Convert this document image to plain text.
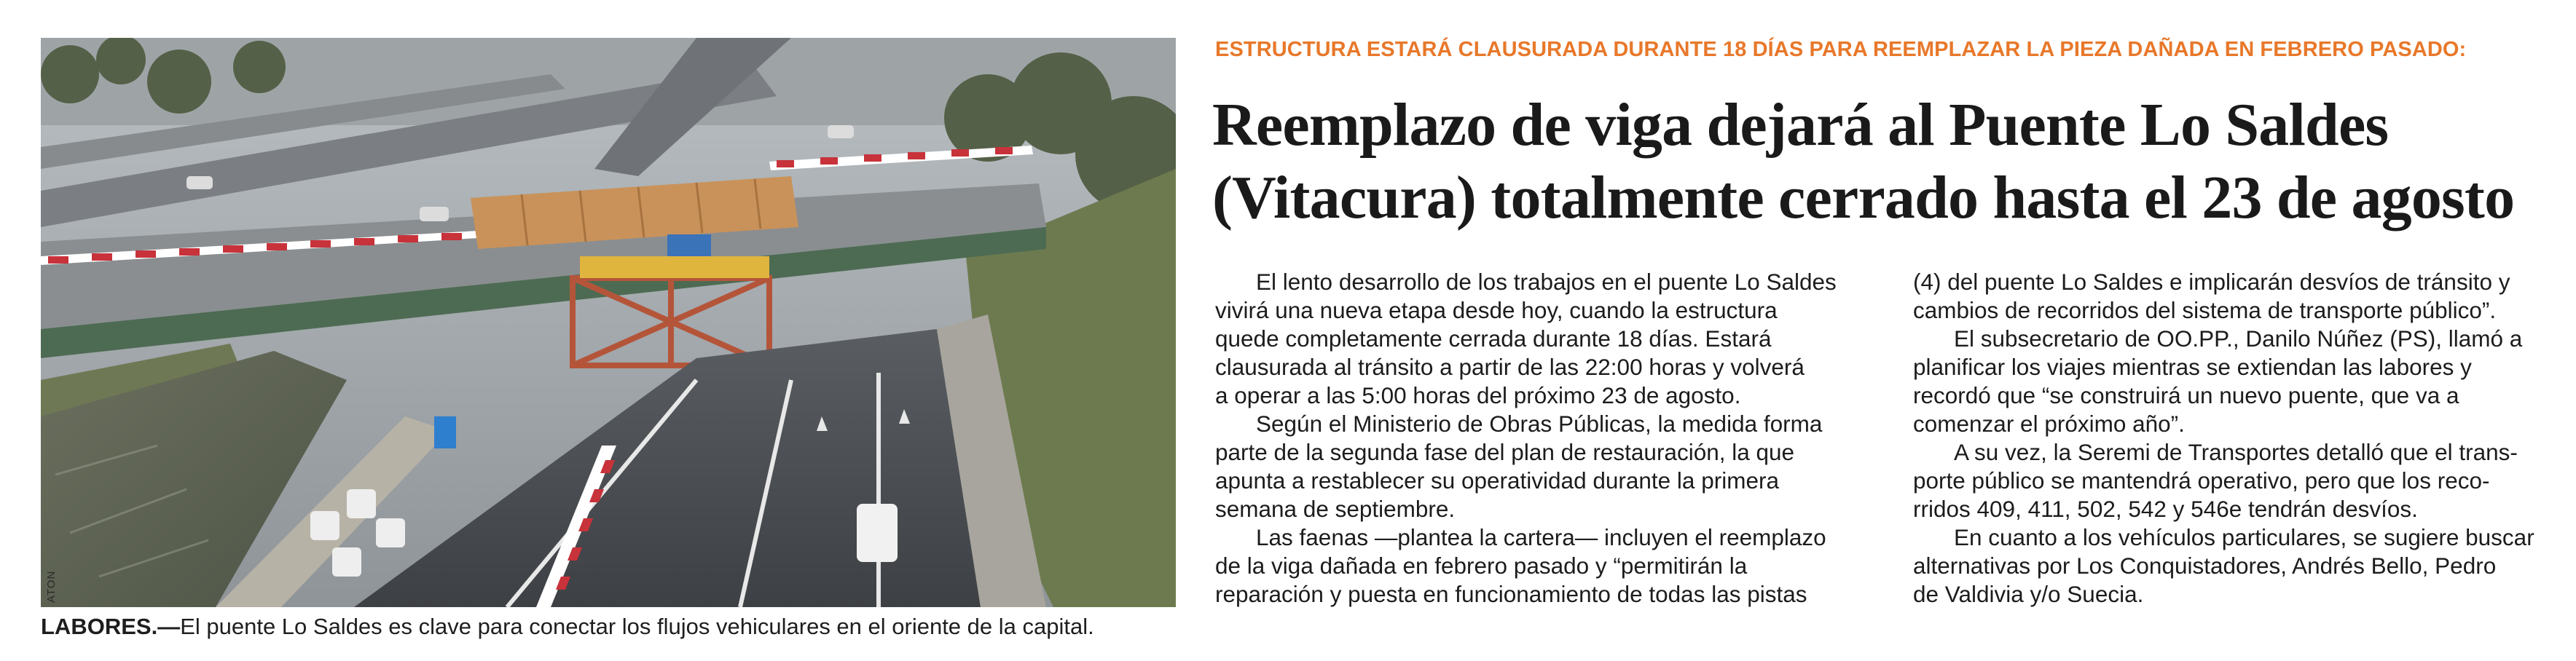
ESTRUCTURA ESTARÁ CLAUSURADA DURANTE 18 DÍAS PARA REEMPLAZAR LA PIEZA DAÑADA EN FEBRERO PASADO:
Reemplazo de viga dejará al Puente Lo Saldes
(Vitacura) totalmente cerrado hasta el 23 de agosto
ATON
LABORES.—El puente Lo Saldes es clave para conectar los flujos vehiculares en el oriente de la capital.
El lento desarrollo de los trabajos en el puente Lo Saldes
vivirá una nueva etapa desde hoy, cuando la estructura
quede completamente cerrada durante 18 días. Estará
clausurada al tránsito a partir de las 22:00 horas y volverá
a operar a las 5:00 horas del próximo 23 de agosto.
Según el Ministerio de Obras Públicas, la medida forma
parte de la segunda fase del plan de restauración, la que
apunta a restablecer su operatividad durante la primera
semana de septiembre.
Las faenas —plantea la cartera— incluyen el reemplazo
de la viga dañada en febrero pasado y “permitirán la
reparación y puesta en funcionamiento de todas las pistas
(4) del puente Lo Saldes e implicarán desvíos de tránsito y
cambios de recorridos del sistema de transporte público”.
El subsecretario de OO.PP., Danilo Núñez (PS), llamó a
planificar los viajes mientras se extiendan las labores y
recordó que “se construirá un nuevo puente, que va a
comenzar el próximo año”.
A su vez, la Seremi de Transportes detalló que el trans-
porte público se mantendrá operativo, pero que los reco-
rridos 409, 411, 502, 542 y 546e tendrán desvíos.
En cuanto a los vehículos particulares, se sugiere buscar
alternativas por Los Conquistadores, Andrés Bello, Pedro
de Valdivia y/o Suecia.
